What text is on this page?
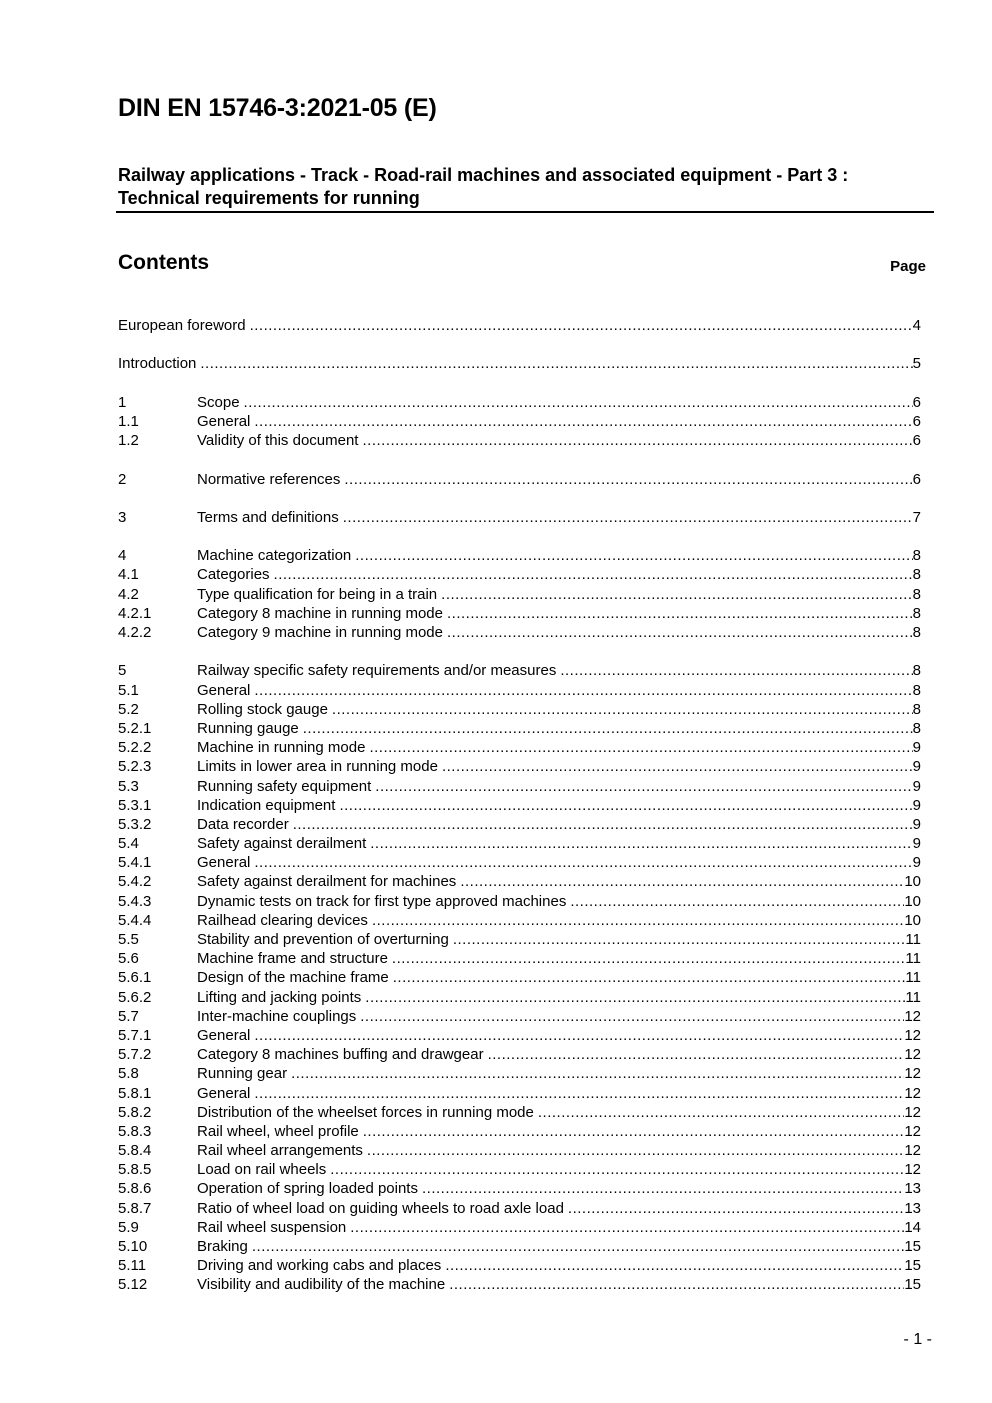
DIN EN 15746-3:2021-05 (E)
Railway applications - Track - Road-rail machines and associated equipment - Part 3 : Technical requirements for running
Contents	Page
European foreword .....	4
Introduction .....	5
1	Scope .....	6
1.1	General .....	6
1.2	Validity of this document .....	6
2	Normative references .....	6
3	Terms and definitions .....	7
4	Machine categorization .....	8
4.1	Categories .....	8
4.2	Type qualification for being in a train .....	8
4.2.1	Category 8 machine in running mode .....	8
4.2.2	Category 9 machine in running mode .....	8
5	Railway specific safety requirements and/or measures .....	8
5.1	General .....	8
5.2	Rolling stock gauge .....	8
5.2.1	Running gauge .....	8
5.2.2	Machine in running mode .....	9
5.2.3	Limits in lower area in running mode .....	9
5.3	Running safety equipment .....	9
5.3.1	Indication equipment .....	9
5.3.2	Data recorder .....	9
5.4	Safety against derailment .....	9
5.4.1	General .....	9
5.4.2	Safety against derailment for machines .....	10
5.4.3	Dynamic tests on track for first type approved machines .....	10
5.4.4	Railhead clearing devices .....	10
5.5	Stability and prevention of overturning .....	11
5.6	Machine frame and structure .....	11
5.6.1	Design of the machine frame .....	11
5.6.2	Lifting and jacking points .....	11
5.7	Inter-machine couplings .....	12
5.7.1	General .....	12
5.7.2	Category 8 machines buffing and drawgear .....	12
5.8	Running gear .....	12
5.8.1	General .....	12
5.8.2	Distribution of the wheelset forces in running mode .....	12
5.8.3	Rail wheel, wheel profile .....	12
5.8.4	Rail wheel arrangements .....	12
5.8.5	Load on rail wheels .....	12
5.8.6	Operation of spring loaded points .....	13
5.8.7	Ratio of wheel load on guiding wheels to road axle load .....	13
5.9	Rail wheel suspension .....	14
5.10	Braking .....	15
5.11	Driving and working cabs and places .....	15
5.12	Visibility and audibility of the machine .....	15
- 1 -
